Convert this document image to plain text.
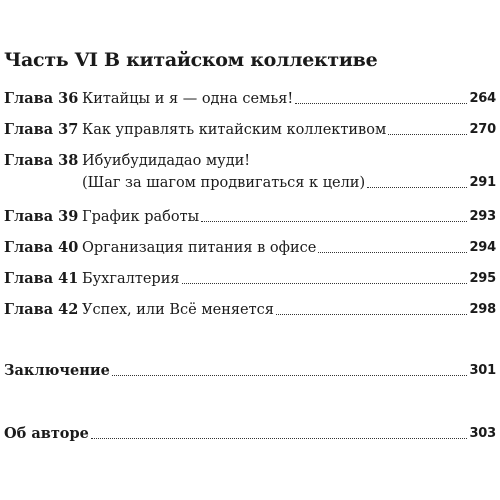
Часть VI В китайском коллективе
Глава 36 Китайцы и я — одна семья!	264
Глава 37 Как управлять китайским коллективом	270
Глава 38 Ибуибудидадао муди!
(Шаг за шагом продвигаться к цели)	291
Глава 39 График работы	293
Глава 40 Организация питания в офисе	294
Глава 41 Бухгалтерия	295
Глава 42 Успех, или Всё меняется	298
Заключение	301
Об авторе	303
